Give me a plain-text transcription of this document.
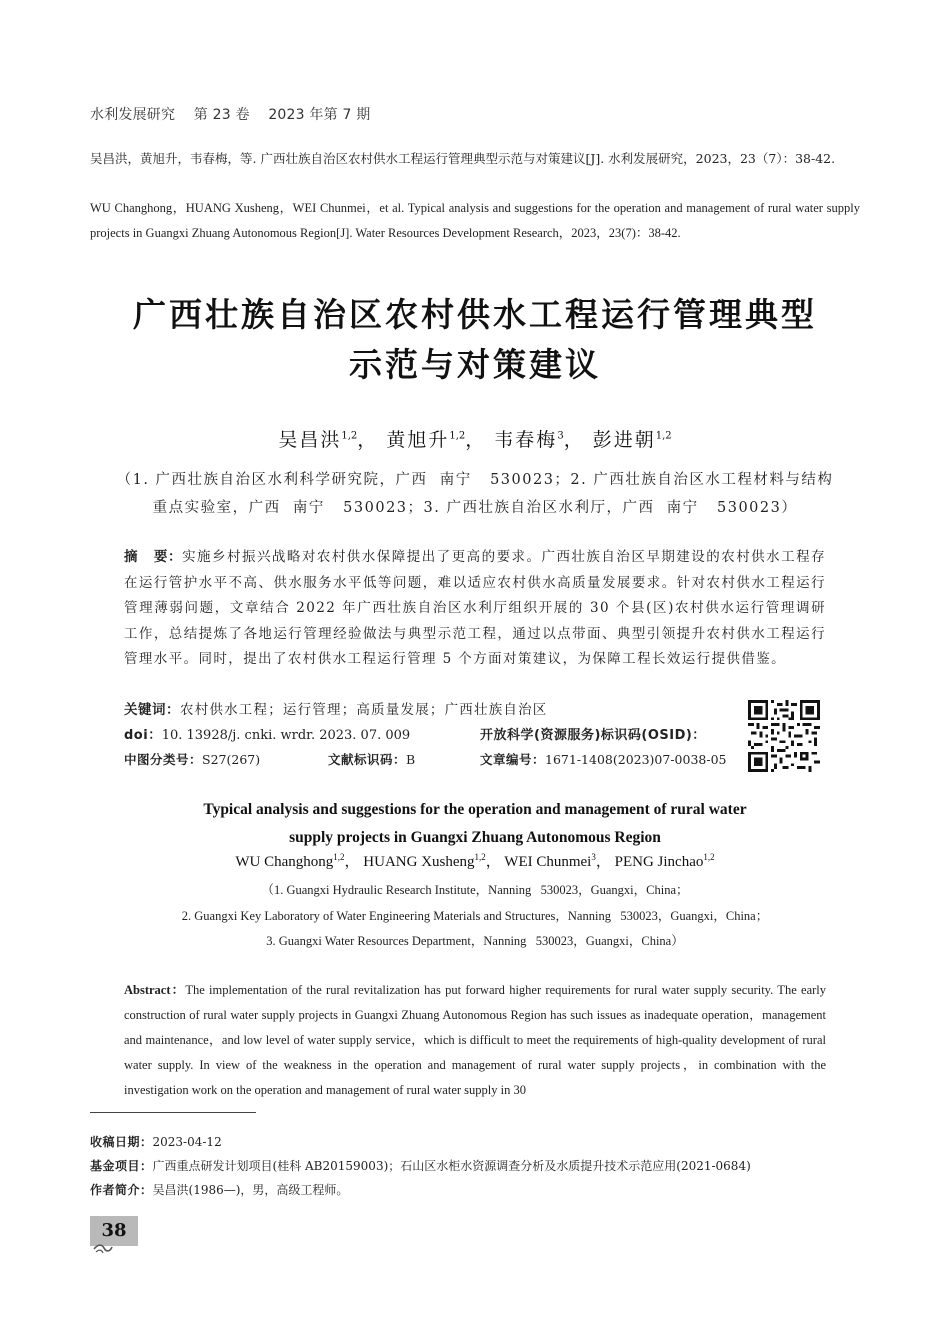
水利发展研究    第 23 卷    2023 年第 7 期
吴昌洪，黄旭升，韦春梅，等. 广西壮族自治区农村供水工程运行管理典型示范与对策建议[J]. 水利发展研究，2023，23（7）：38-42.
WU Changhong，HUANG Xusheng，WEI Chunmei，et al. Typical analysis and suggestions for the operation and management of rural water supply projects in Guangxi Zhuang Autonomous Region[J]. Water Resources Development Research，2023，23(7)：38-42.
广西壮族自治区农村供水工程运行管理典型
示范与对策建议
吴昌洪$^{1,2}$， 黄旭升$^{1,2}$， 韦春梅$^3$， 彭进朝$^{1,2}$
（1. 广西壮族自治区水利科学研究院，广西  南宁   530023；2. 广西壮族自治区水工程材料与结构
重点实验室，广西  南宁   530023；3. 广西壮族自治区水利厅，广西  南宁   530023）
摘   要：实施乡村振兴战略对农村供水保障提出了更高的要求。广西壮族自治区早期建设的农村供水工程存在运行管护水平不高、供水服务水平低等问题，难以适应农村供水高质量发展要求。针对农村供水工程运行管理薄弱问题，文章结合 2022 年广西壮族自治区水利厅组织开展的 30 个县(区)农村供水运行管理调研工作，总结提炼了各地运行管理经验做法与典型示范工程，通过以点带面、典型引领提升农村供水工程运行管理水平。同时，提出了农村供水工程运行管理 5 个方面对策建议，为保障工程长效运行提供借鉴。
关键词：农村供水工程；运行管理；高质量发展；广西壮族自治区
doi：10. 13928/j. cnki. wrdr. 2023. 07. 009	开放科学(资源服务)标识码(OSID)：
中图分类号：S27(267)	文献标识码：B	文章编号：1671-1408(2023)07-0038-05
Typical analysis and suggestions for the operation and management of rural water
supply projects in Guangxi Zhuang Autonomous Region
WU Changhong$^{1,2}$， HUANG Xusheng$^{1,2}$， WEI Chunmei$^3$， PENG Jinchao$^{1,2}$
（1. Guangxi Hydraulic Research Institute，Nanning   530023，Guangxi，China；
2. Guangxi Key Laboratory of Water Engineering Materials and Structures，Nanning   530023，Guangxi，China；
3. Guangxi Water Resources Department，Nanning   530023，Guangxi，China）
Abstract：The implementation of the rural revitalization has put forward higher requirements for rural water supply security. The early construction of rural water supply projects in Guangxi Zhuang Autonomous Region has such issues as inadequate operation，management and maintenance，and low level of water supply service，which is difficult to meet the requirements of high-quality development of rural water supply. In view of the weakness in the operation and management of rural water supply projects，in combination with the investigation work on the operation and management of rural water supply in 30
收稿日期：2023-04-12
基金项目：广西重点研发计划项目(桂科 AB20159003)；石山区水柜水资源调查分析及水质提升技术示范应用(2021-0684)
作者简介：吴昌洪(1986—)，男，高级工程师。
38
